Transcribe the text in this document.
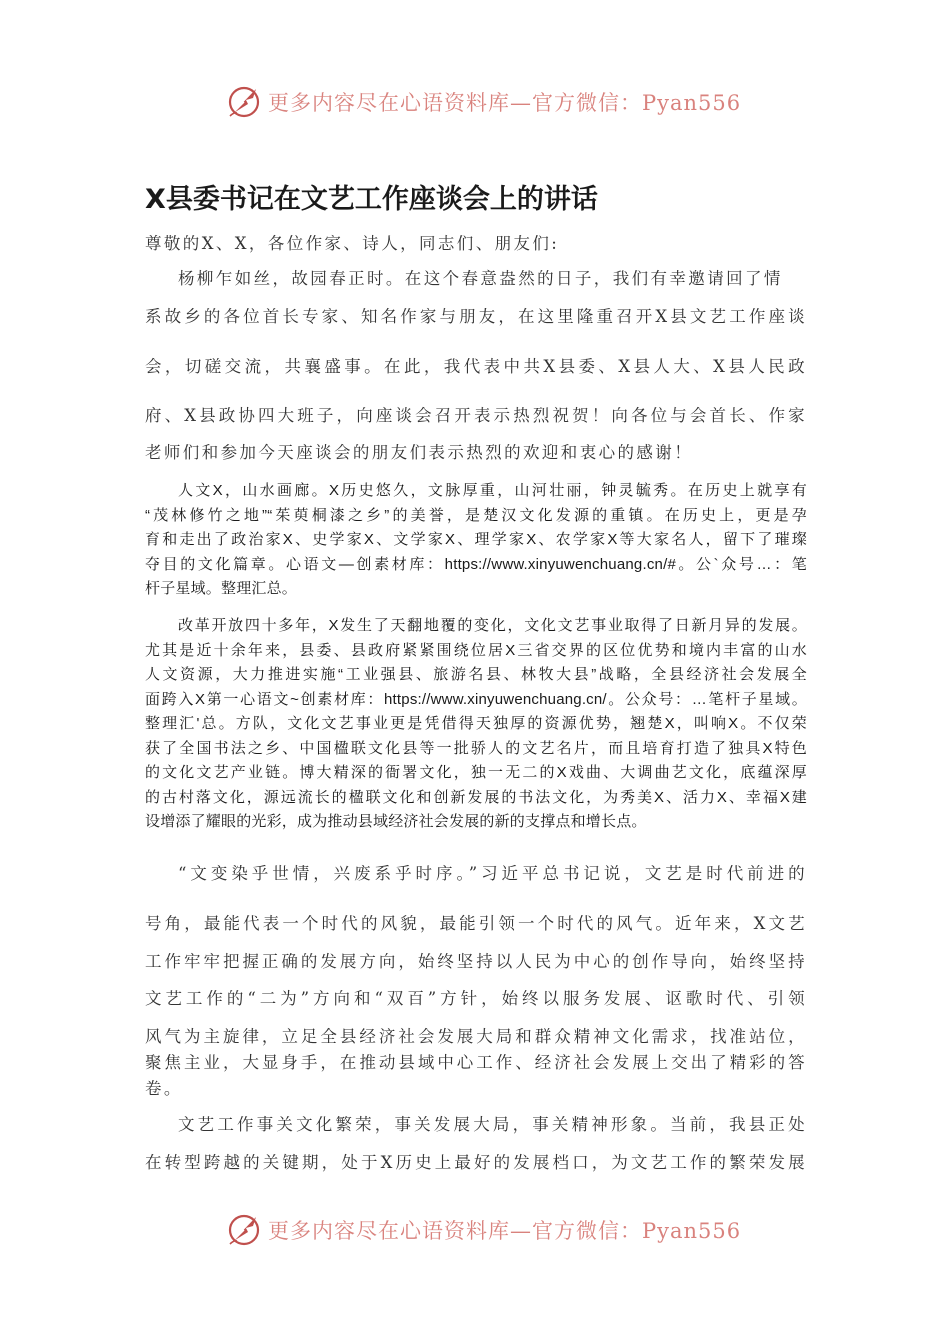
更多内容尽在心语资料库—官方微信：Pyan556
X县委书记在文艺工作座谈会上的讲话

尊敬的X、X，各位作家、诗人，同志们、朋友们:

杨柳乍如丝，故园春正时。在这个春意盎然的日子，我们有幸邀请回了情
系故乡的各位首长专家、知名作家与朋友，在这里隆重召开X县文艺工作座谈
会，切磋交流，共襄盛事。在此，我代表中共X县委、X县人大、X县人民政
府、X县政协四大班子，向座谈会召开表示热烈祝贺！向各位与会首长、作家
老师们和参加今天座谈会的朋友们表示热烈的欢迎和衷心的感谢！

人文X，山水画廊。X历史悠久，文脉厚重，山河壮丽，钟灵毓秀。在历史上就享有
“茂林修竹之地”“茱萸桐漆之乡”的美誉，是楚汉文化发源的重镇。在历史上，更是孕
育和走出了政治家X、史学家X、文学家X、理学家X、农学家X等大家名人，留下了璀璨
夺目的文化篇章。心语文—创素材库：https://www.xinyuwenchuang.cn/#。公`众号…：笔
杆子星域。整理汇总。

改革开放四十多年，X发生了天翻地覆的变化，文化文艺事业取得了日新月异的发展。
尤其是近十余年来，县委、县政府紧紧围绕位居X三省交界的区位优势和境内丰富的山水
人文资源，大力推进实施“工业强县、旅游名县、林牧大县”战略，全县经济社会发展全
面跨入X第一心语文~创素材库：https://www.xinyuwenchuang.cn/。公众号：…笔杆子星域。
整理汇'总。方队，文化文艺事业更是凭借得天独厚的资源优势，翘楚X，叫响X。不仅荣
获了全国书法之乡、中国楹联文化县等一批骄人的文艺名片，而且培育打造了独具X特色
的文化文艺产业链。博大精深的衙署文化，独一无二的X戏曲、大调曲艺文化，底蕴深厚
的古村落文化，源远流长的楹联文化和创新发展的书法文化，为秀美X、活力X、幸福X建
设增添了耀眼的光彩，成为推动县域经济社会发展的新的支撑点和增长点。

“文变染乎世情，兴废系乎时序。”习近平总书记说，文艺是时代前进的
号角，最能代表一个时代的风貌，最能引领一个时代的风气。近年来，X文艺
工作牢牢把握正确的发展方向，始终坚持以人民为中心的创作导向，始终坚持
文艺工作的“二为”方向和“双百”方针，始终以服务发展、讴歌时代、引领
风气为主旋律，立足全县经济社会发展大局和群众精神文化需求，找准站位，
聚焦主业，大显身手，在推动县域中心工作、经济社会发展上交出了精彩的答
卷。

文艺工作事关文化繁荣，事关发展大局，事关精神形象。当前，我县正处
在转型跨越的关键期，处于X历史上最好的发展档口，为文艺工作的繁荣发展

更多内容尽在心语资料库—官方微信：Pyan556
